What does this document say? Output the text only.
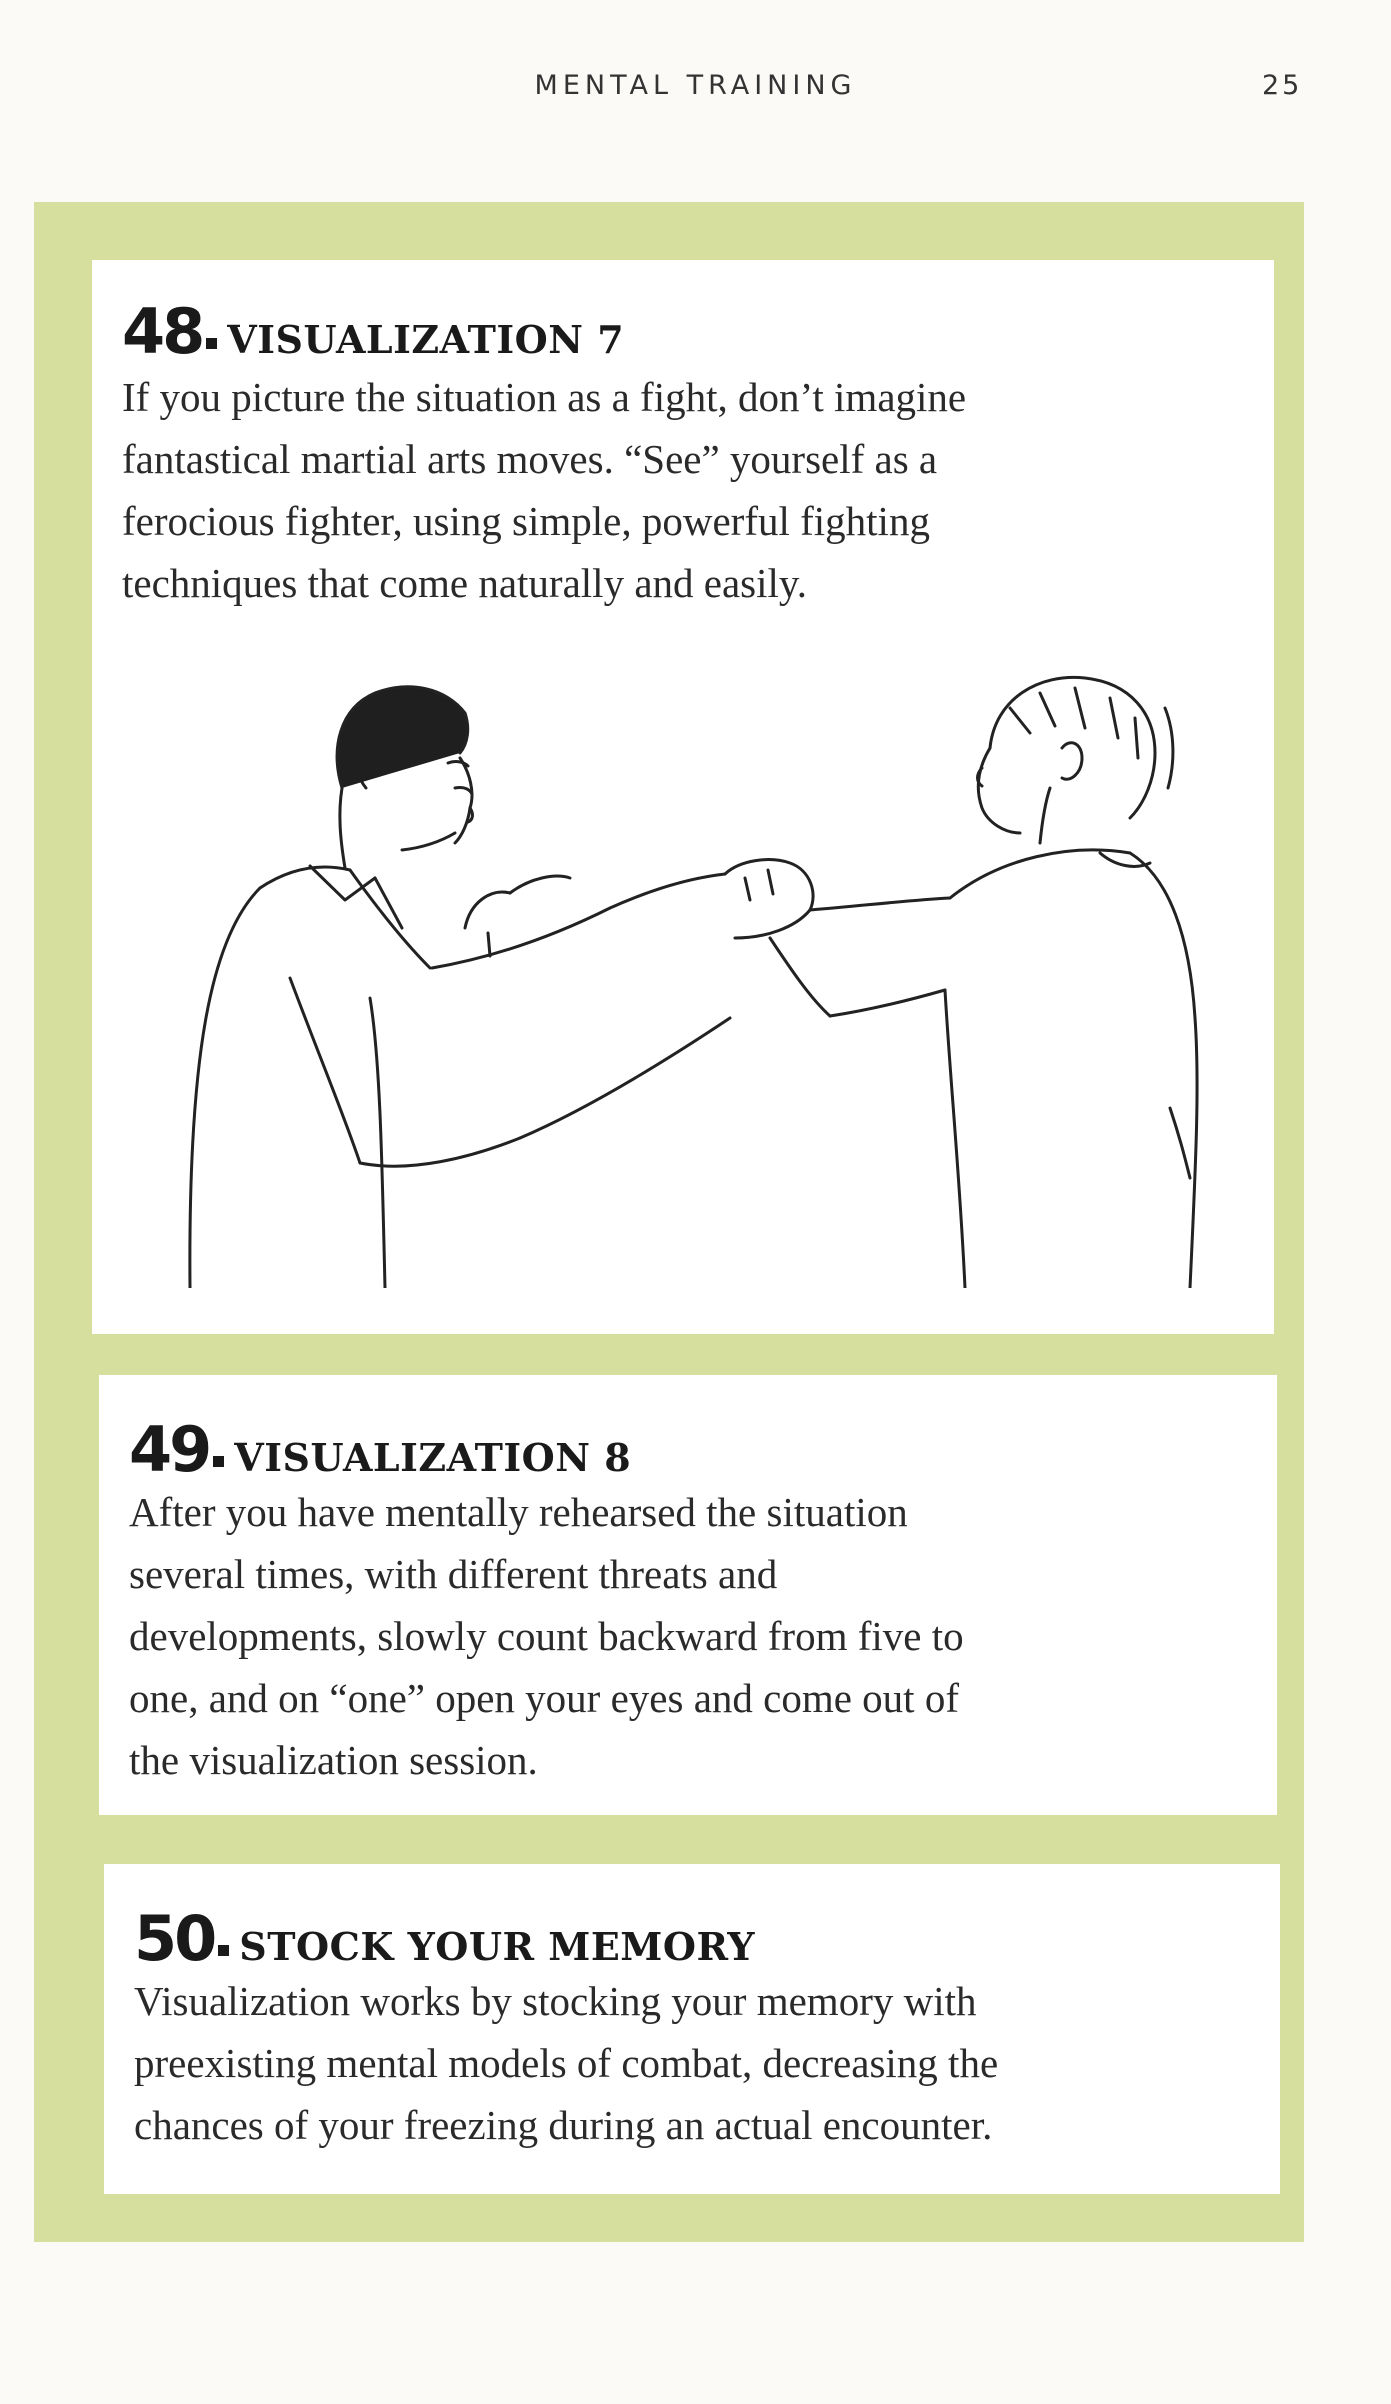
MENTAL TRAINING	25
48 VISUALIZATION 7

If you picture the situation as a fight, don’t imagine
fantastical martial arts moves. “See” yourself as a
ferocious fighter, using simple, powerful fighting
techniques that come naturally and easily.

49 VISUALIZATION 8

After you have mentally rehearsed the situation
several times, with different threats and
developments, slowly count backward from five to
one, and on “one” open your eyes and come out of
the visualization session.

50 STOCK YOUR MEMORY

Visualization works by stocking your memory with
preexisting mental models of combat, decreasing the
chances of your freezing during an actual encounter.
